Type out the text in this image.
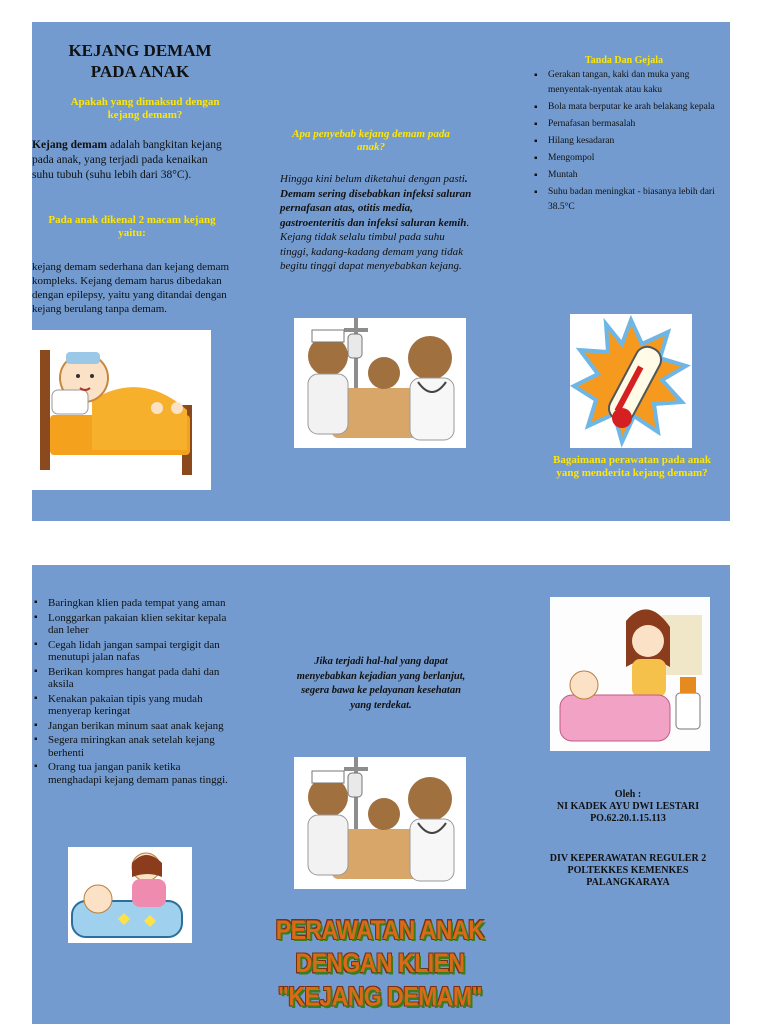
KEJANG DEMAM
PADA ANAK
Apakah yang dimaksud dengan
kejang demam?
Kejang demam adalah bangkitan kejang pada anak, yang terjadi pada kenaikan suhu tubuh (suhu lebih dari 38°C).
Pada anak dikenal 2 macam kejang
yaitu:
kejang demam sederhana dan kejang demam kompleks. Kejang demam harus dibedakan dengan epilepsy, yaitu yang ditandai dengan kejang berulang tanpa demam.
Apa penyebab kejang demam pada
anak?
Hingga kini belum diketahui dengan pasti. Demam sering disebabkan infeksi saluran pernafasan atas, otitis media, gastroenteritis dan infeksi saluran kemih. Kejang tidak selalu timbul pada suhu tinggi, kadang-kadang demam yang tidak begitu tinggi dapat menyebabkan kejang.
Tanda Dan Gejala
▪ Gerakan tangan, kaki dan muka yang menyentak-nyentak atau kaku
▪ Bola mata berputar ke arah belakang kepala
▪ Pernafasan bermasalah
▪ Hilang kesadaran
▪ Mengompol
▪ Muntah
▪ Suhu badan meningkat - biasanya lebih dari 38.5°C
Bagaimana perawatan pada anak
yang menderita kejang demam?
▪ Baringkan klien pada tempat yang aman
▪ Longgarkan pakaian klien sekitar kepala dan leher
▪ Cegah lidah jangan sampai tergigit dan menutupi jalan nafas
▪ Berikan kompres hangat pada dahi dan aksila
▪ Kenakan pakaian tipis yang mudah menyerap keringat
▪ Jangan berikan minum saat anak kejang
▪ Segera miringkan anak setelah kejang berhenti
▪ Orang tua jangan panik ketika menghadapi kejang demam panas tinggi.
Jika terjadi hal-hal yang dapat menyebabkan kejadian yang berlanjut, segera bawa ke pelayanan kesehatan yang terdekat.
Oleh :
NI KADEK AYU DWI LESTARI
PO.62.20.1.15.113
DIV KEPERAWATAN REGULER 2
POLTEKKES KEMENKES
PALANGKARAYA
PERAWATAN ANAK
DENGAN KLIEN
"KEJANG DEMAM"
